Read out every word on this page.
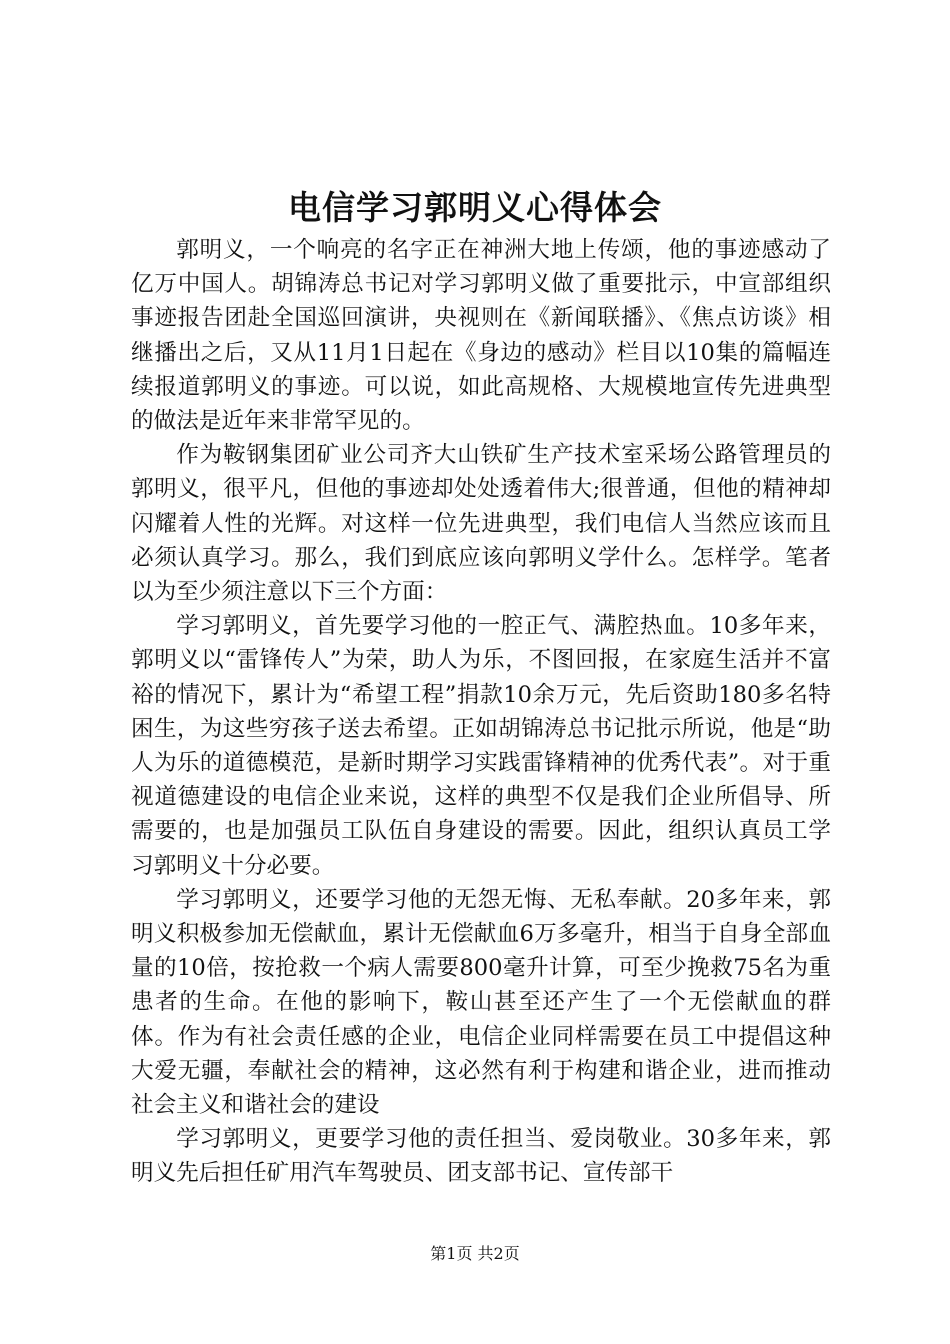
电信学习郭明义心得体会

郭明义，一个响亮的名字正在神洲大地上传颂，他的事迹感动了亿万中国人。胡锦涛总书记对学习郭明义做了重要批示，中宣部组织事迹报告团赴全国巡回演讲，央视则在《新闻联播》、《焦点访谈》相继播出之后，又从11月1日起在《身边的感动》栏目以10集的篇幅连续报道郭明义的事迹。可以说，如此高规格、大规模地宣传先进典型的做法是近年来非常罕见的。

作为鞍钢集团矿业公司齐大山铁矿生产技术室采场公路管理员的郭明义，很平凡，但他的事迹却处处透着伟大;很普通，但他的精神却闪耀着人性的光辉。对这样一位先进典型，我们电信人当然应该而且必须认真学习。那么，我们到底应该向郭明义学什么。怎样学。笔者以为至少须注意以下三个方面：

学习郭明义，首先要学习他的一腔正气、满腔热血。10多年来，郭明义以“雷锋传人”为荣，助人为乐，不图回报，在家庭生活并不富裕的情况下，累计为“希望工程”捐款10余万元，先后资助180多名特困生，为这些穷孩子送去希望。正如胡锦涛总书记批示所说，他是“助人为乐的道德模范，是新时期学习实践雷锋精神的优秀代表”。对于重视道德建设的电信企业来说，这样的典型不仅是我们企业所倡导、所需要的，也是加强员工队伍自身建设的需要。因此，组织认真员工学习郭明义十分必要。

学习郭明义，还要学习他的无怨无悔、无私奉献。20多年来，郭明义积极参加无偿献血，累计无偿献血6万多毫升，相当于自身全部血量的10倍，按抢救一个病人需要800毫升计算，可至少挽救75名为重患者的生命。在他的影响下，鞍山甚至还产生了一个无偿献血的群体。作为有社会责任感的企业，电信企业同样需要在员工中提倡这种大爱无疆，奉献社会的精神，这必然有利于构建和谐企业，进而推动社会主义和谐社会的建设

学习郭明义，更要学习他的责任担当、爱岗敬业。30多年来，郭明义先后担任矿用汽车驾驶员、团支部书记、宣传部干

第1页 共2页
